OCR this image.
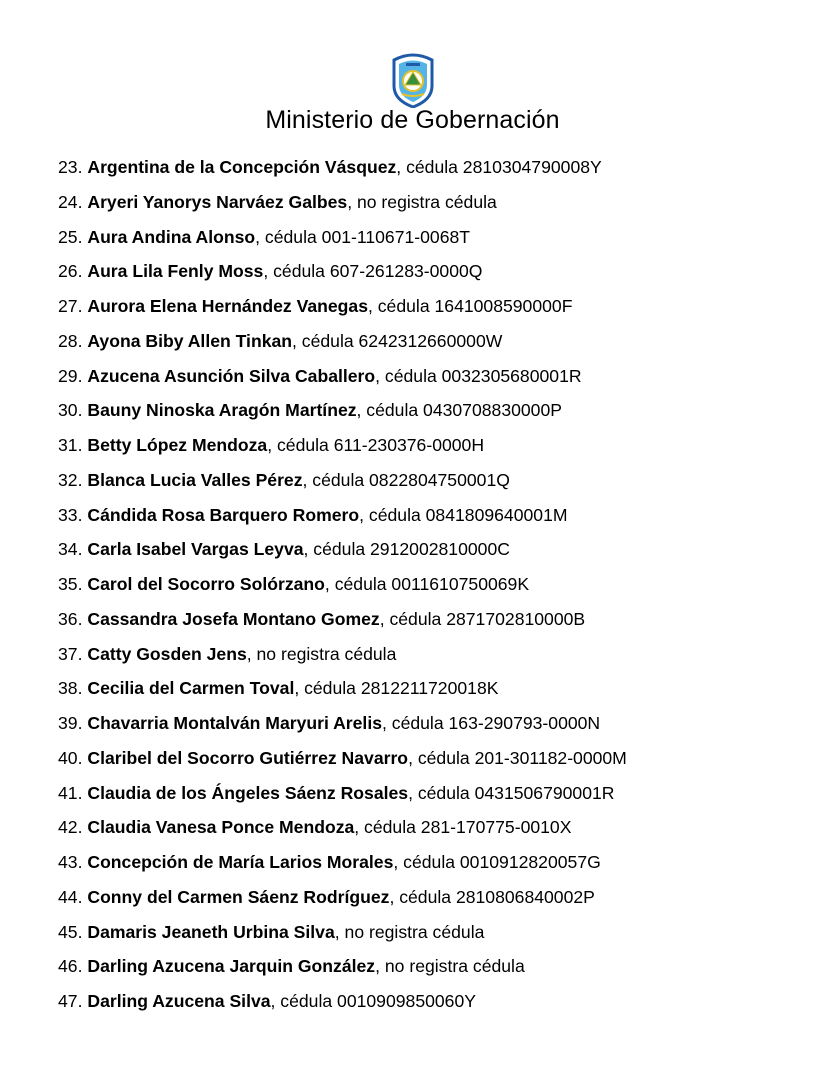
Ministerio de Gobernación
23. Argentina de la Concepción Vásquez, cédula 2810304790008Y
24. Aryeri Yanorys Narváez Galbes, no registra cédula
25. Aura Andina Alonso, cédula 001-110671-0068T
26. Aura Lila Fenly Moss, cédula 607-261283-0000Q
27. Aurora Elena Hernández Vanegas, cédula 1641008590000F
28. Ayona Biby Allen Tinkan, cédula 6242312660000W
29. Azucena Asunción Silva Caballero, cédula 0032305680001R
30. Bauny Ninoska Aragón Martínez, cédula 0430708830000P
31. Betty López Mendoza, cédula 611-230376-0000H
32. Blanca Lucia Valles Pérez, cédula 0822804750001Q
33. Cándida Rosa Barquero Romero, cédula 0841809640001M
34. Carla Isabel Vargas Leyva, cédula 2912002810000C
35. Carol del Socorro Solórzano, cédula 0011610750069K
36. Cassandra Josefa Montano Gomez, cédula 2871702810000B
37. Catty Gosden Jens, no registra cédula
38. Cecilia del Carmen Toval, cédula 2812211720018K
39. Chavarria Montalván Maryuri Arelis, cédula 163-290793-0000N
40. Claribel del Socorro Gutiérrez Navarro, cédula 201-301182-0000M
41. Claudia de los Ángeles Sáenz Rosales, cédula 0431506790001R
42. Claudia Vanesa Ponce Mendoza, cédula 281-170775-0010X
43. Concepción de María Larios Morales, cédula 0010912820057G
44. Conny del Carmen Sáenz Rodríguez, cédula 2810806840002P
45. Damaris Jeaneth Urbina Silva, no registra cédula
46. Darling Azucena Jarquin González, no registra cédula
47. Darling Azucena Silva, cédula 0010909850060Y
